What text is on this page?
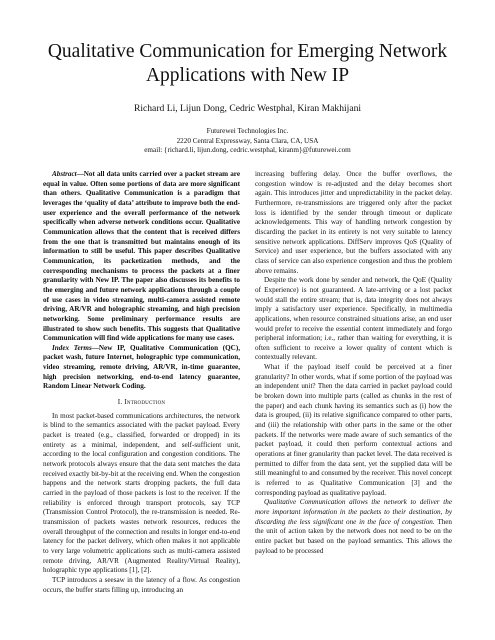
Qualitative Communication for Emerging Network
Applications with New IP
Richard Li, Lijun Dong, Cedric Westphal, Kiran Makhijani
Futurewei Technologies Inc.
2220 Central Expressway, Santa Clara, CA, USA
email: {richard.li, lijun.dong, cedric.westphal, kiranm}@futurewei.com

Abstract—Not all data units carried over a packet stream are equal in value. Often some portions of data are more significant than others. Qualitative Communication is a paradigm that leverages the ‘quality of data’ attribute to improve both the end-user experience and the overall performance of the network specifically when adverse network conditions occur. Qualitative Communication allows that the content that is received differs from the one that is transmitted but maintains enough of its information to still be useful. This paper describes Qualitative Communication, its packetization methods, and the corresponding mechanisms to process the packets at a finer granularity with New IP. The paper also discusses its benefits to the emerging and future network applications through a couple of use cases in video streaming, multi-camera assisted remote driving, AR/VR and holographic streaming, and high precision networking. Some preliminary performance results are illustrated to show such benefits. This suggests that Qualitative Communication will find wide applications for many use cases.

Index Terms—New IP, Qualitative Communication (QC), packet wash, future Internet, holographic type communication, video streaming, remote driving, AR/VR, in-time guarantee, high precision networking, end-to-end latency guarantee, Random Linear Network Coding.

I. Introduction

In most packet-based communications architectures, the network is blind to the semantics associated with the packet payload. Every packet is treated (e.g., classified, forwarded or dropped) in its entirety as a minimal, independent, and self-sufficient unit, according to the local configuration and congestion conditions. The network protocols always ensure that the data sent matches the data received exactly bit-by-bit at the receiving end. When the congestion happens and the network starts dropping packets, the full data carried in the payload of those packets is lost to the receiver. If the reliability is enforced through transport protocols, say TCP (Transmission Control Protocol), the re-transmission is needed. Re-transmission of packets wastes network resources, reduces the overall throughput of the connection and results in longer end-to-end latency for the packet delivery, which often makes it not applicable to very large volumetric applications such as multi-camera assisted remote driving, AR/VR (Augmented Reality/Virtual Reality), holographic type applications [1], [2].

TCP introduces a seesaw in the latency of a flow. As congestion occurs, the buffer starts filling up, introducing an

increasing buffering delay. Once the buffer overflows, the congestion window is re-adjusted and the delay becomes short again. This introduces jitter and unpredictability in the packet delay. Furthermore, re-transmissions are triggered only after the packet loss is identified by the sender through timeout or duplicate acknowledgements. This way of handling network congestion by discarding the packet in its entirety is not very suitable to latency sensitive network applications. DiffServ improves QoS (Quality of Service) and user experience, but the buffers associated with any class of service can also experience congestion and thus the problem above remains.

Despite the work done by sender and network, the QoE (Quality of Experience) is not guaranteed. A late-arriving or a lost packet would stall the entire stream; that is, data integrity does not always imply a satisfactory user experience. Specifically, in multimedia applications, when resource constrained situations arise, an end user would prefer to receive the essential content immediately and forgo peripheral information; i.e., rather than waiting for everything, it is often sufficient to receive a lower quality of content which is contextually relevant.

What if the payload itself could be perceived at a finer granularity? In other words, what if some portion of the payload was an independent unit? Then the data carried in packet payload could be broken down into multiple parts (called as chunks in the rest of the paper) and each chunk having its semantics such as (i) how the data is grouped, (ii) its relative significance compared to other parts, and (iii) the relationship with other parts in the same or the other packets. If the networks were made aware of such semantics of the packet payload, it could then perform contextual actions and operations at finer granularity than packet level. The data received is permitted to differ from the data sent, yet the supplied data will be still meaningful to and consumed by the receiver. This novel concept is referred to as Qualitative Communication [3] and the corresponding payload as qualitative payload.

Qualitative Communication allows the network to deliver the more important information in the packets to their destination, by discarding the less significant one in the face of congestion. Then the unit of action taken by the network does not need to be on the entire packet but based on the payload semantics. This allows the payload to be processed
